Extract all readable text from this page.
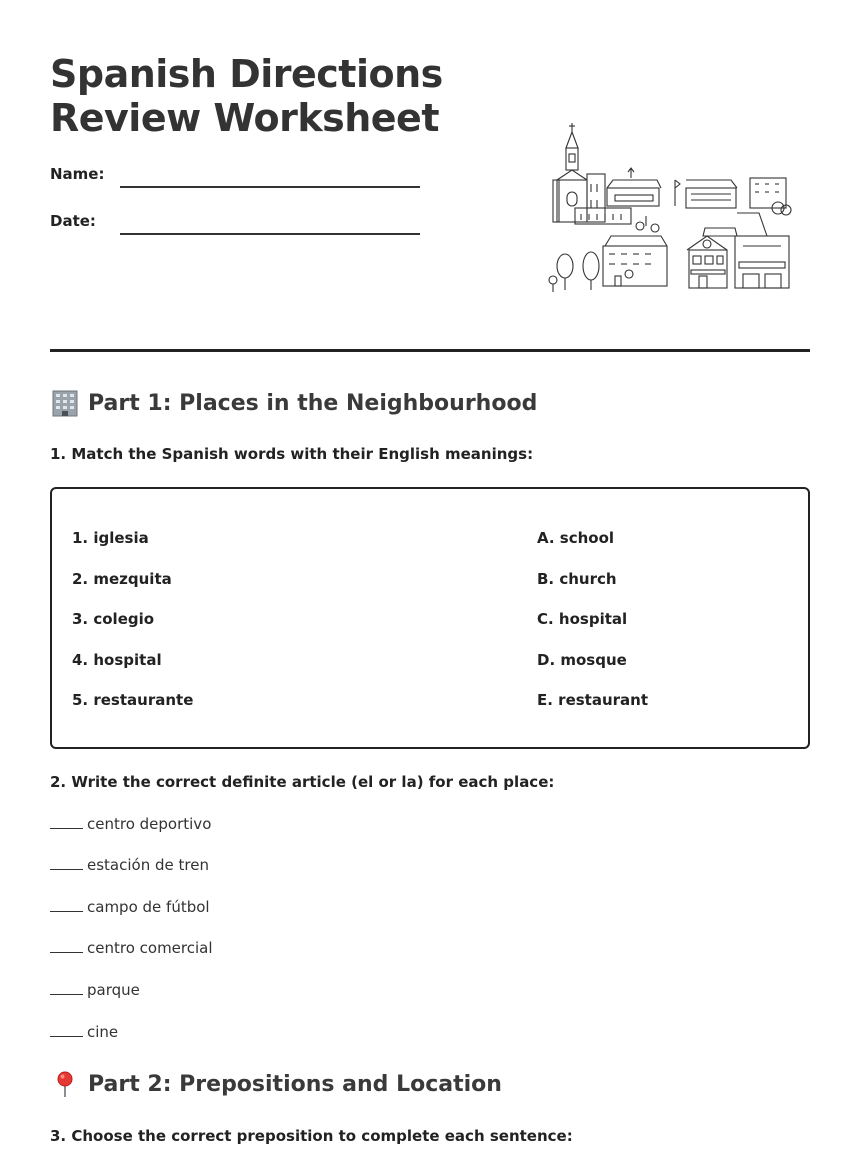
Spanish Directions
Review Worksheet
Name:
Date:
Part 1: Places in the Neighbourhood

1. Match the Spanish words with their English meanings:

1. iglesia
2. mezquita
3. colegio
4. hospital
5. restaurante
A. school
B. church
C. hospital
D. mosque
E. restaurant

2. Write the correct definite article (el or la) for each place:

centro deportivo
estación de tren
campo de fútbol
centro comercial
parque
cine
Part 2: Prepositions and Location

3. Choose the correct preposition to complete each sentence:
